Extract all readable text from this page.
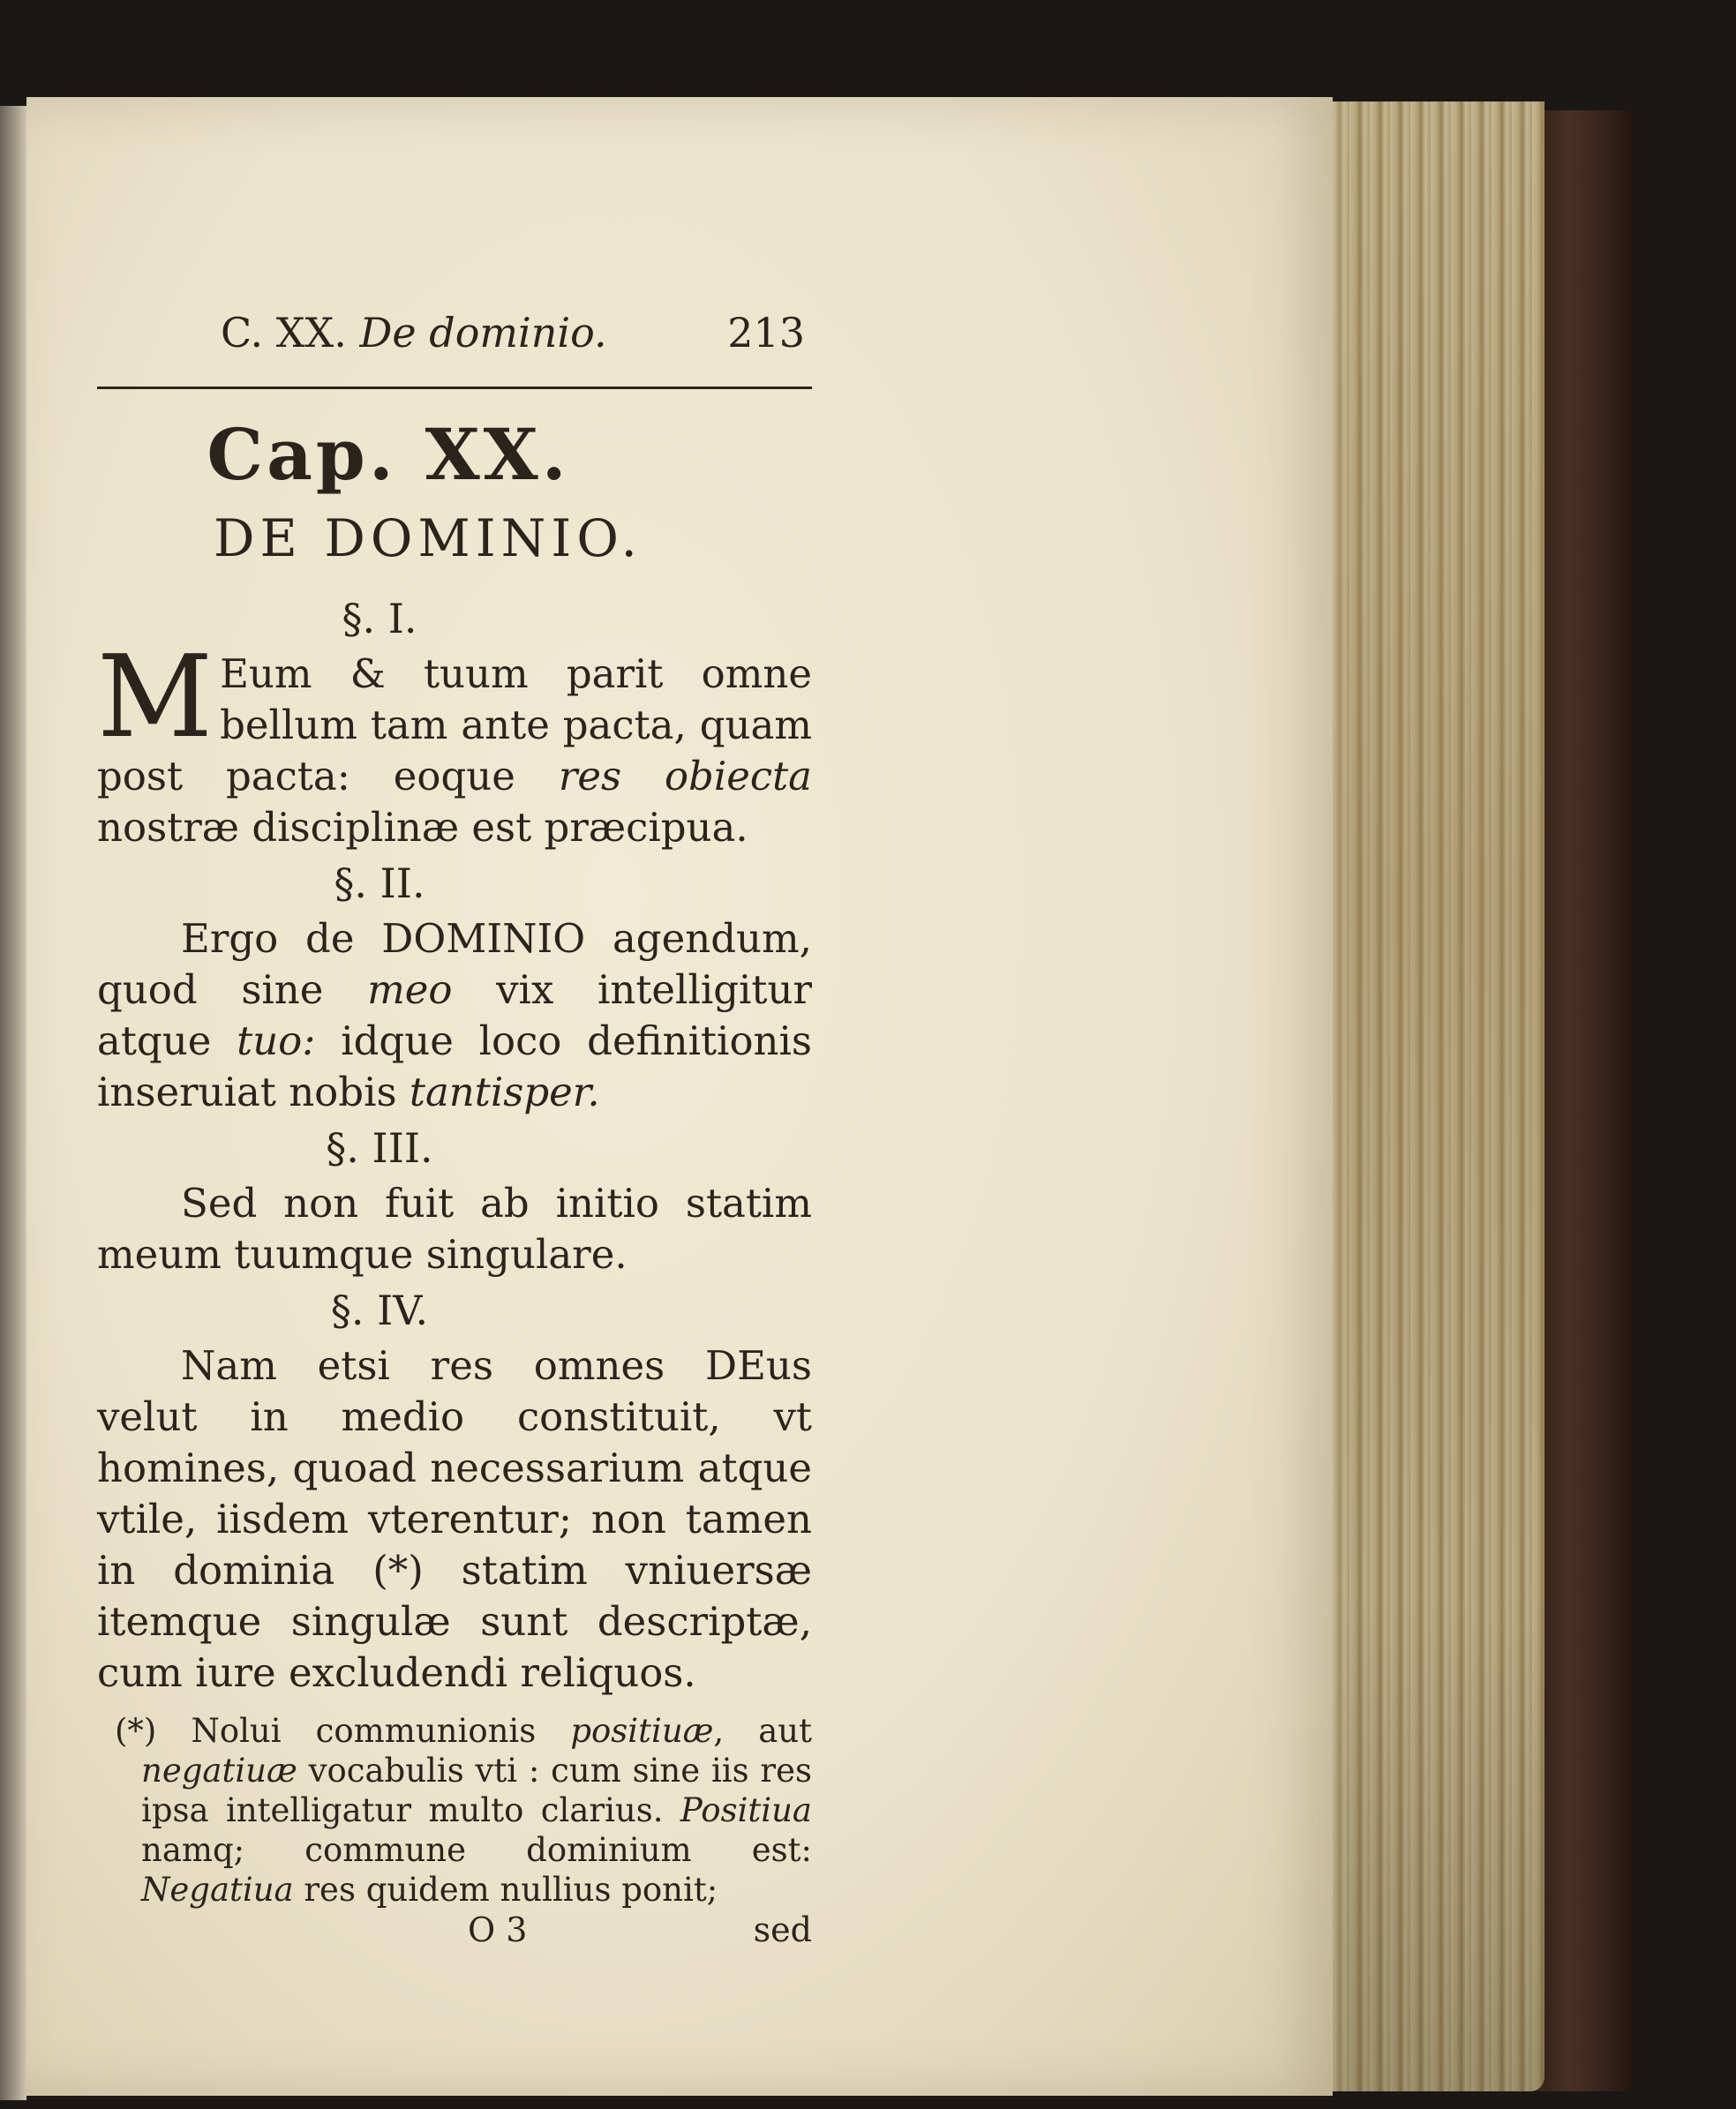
C. XX. De dominio.	213
Cap. XX.
DE DOMINIO.
§. I.

M Eum & tuum parit omne bellum tam ante pacta, quam post pacta: eoque res obiecta nostræ disciplinæ est præcipua.

§. II.

Ergo de DOMINIO agendum, quod sine meo vix intelligitur atque tuo: idque loco definitionis inseruiat nobis tantisper.

§. III.

Sed non fuit ab initio statim meum tuumque singulare.

§. IV.

Nam etsi res omnes DEus velut in medio constituit, vt homines, quoad necessarium atque vtile, iisdem vterentur; non tamen in dominia (*) statim vniuersæ itemque singulæ sunt descriptæ, cum iure excludendi reliquos.

(*) Nolui communionis positiuæ, aut negatiuæ vocabulis vti : cum sine iis res ipsa intelligatur multo clarius. Positiua namq; commune dominium est: Negatiua res quidem nullius ponit;
O 3	sed
